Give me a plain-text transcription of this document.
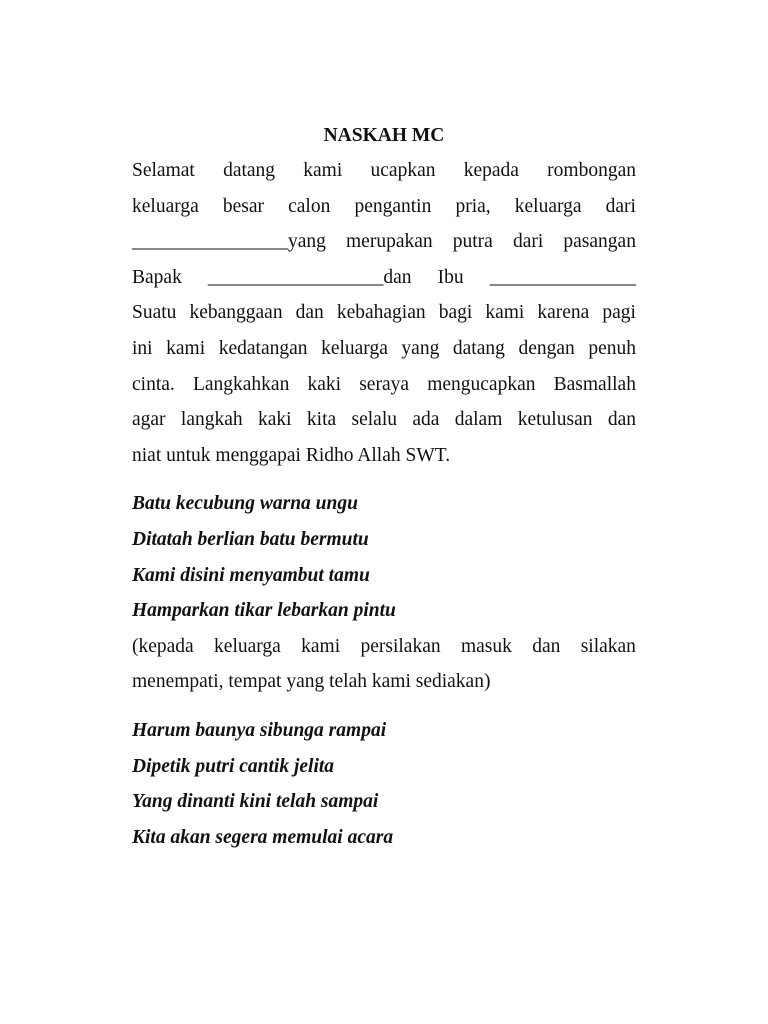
NASKAH MC
Selamat datang kami ucapkan kepada rombongan
keluarga besar calon pengantin pria, keluarga dari
________________yang merupakan putra dari pasangan
Bapak __________________dan Ibu _______________
Suatu kebanggaan dan kebahagian bagi kami karena pagi
ini kami kedatangan keluarga yang datang dengan penuh
cinta. Langkahkan kaki seraya mengucapkan Basmallah
agar langkah kaki kita selalu ada dalam ketulusan dan
niat untuk menggapai Ridho Allah SWT.
Batu kecubung warna ungu
Ditatah berlian batu bermutu
Kami disini menyambut tamu
Hamparkan tikar lebarkan pintu
(kepada keluarga kami persilakan masuk dan silakan
menempati, tempat yang telah kami sediakan)
Harum baunya sibunga rampai
Dipetik putri cantik jelita
Yang dinanti kini telah sampai
Kita akan segera memulai acara
